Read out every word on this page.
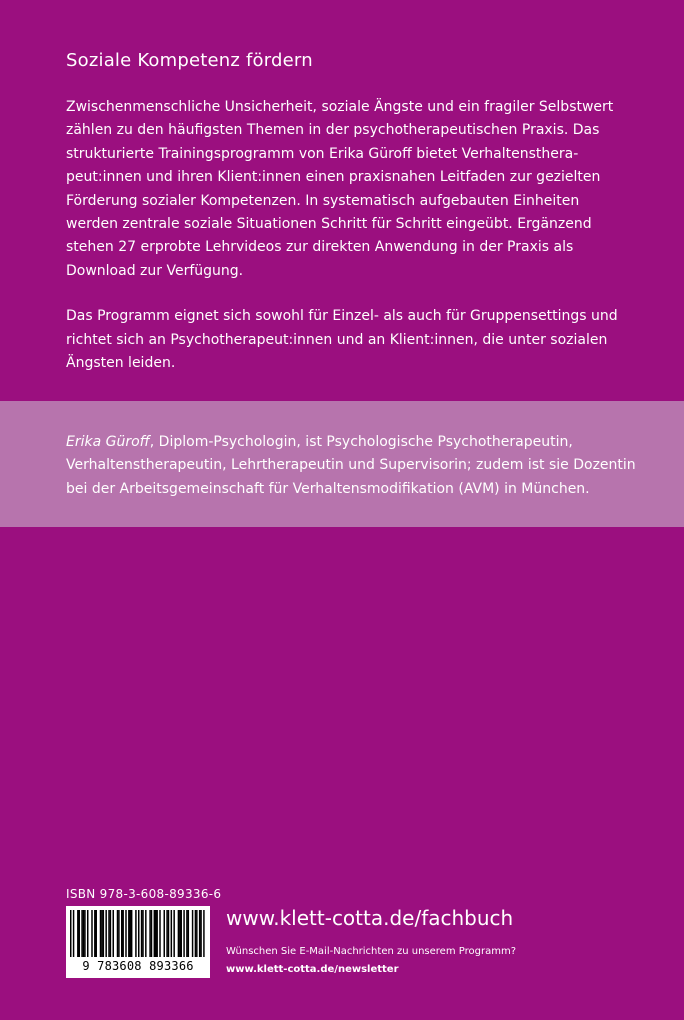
Soziale Kompetenz fördern

Zwischenmenschliche Unsicherheit, soziale Ängste und ein fragiler Selbstwert zählen zu den häufigsten Themen in der psychotherapeutischen Praxis. Das strukturierte Trainingsprogramm von Erika Güroff bietet Verhaltenstherapeut:innen und ihren Klient:innen einen praxisnahen Leitfaden zur gezielten Förderung sozialer Kompetenzen. In systematisch aufgebauten Einheiten werden zentrale soziale Situationen Schritt für Schritt eingeübt. Ergänzend stehen 27 erprobte Lehrvideos zur direkten Anwendung in der Praxis als Download zur Verfügung.

Das Programm eignet sich sowohl für Einzel- als auch für Gruppensettings und richtet sich an Psychotherapeut:innen und an Klient:innen, die unter sozialen Ängsten leiden.

Erika Güroff, Diplom-Psychologin, ist Psychologische Psychotherapeutin, Verhaltenstherapeutin, Lehrtherapeutin und Supervisorin; zudem ist sie Dozentin bei der Arbeitsgemeinschaft für Verhaltensmodifikation (AVM) in München.
ISBN 978-3-608-89336-6
9 783608 893366
www.klett-cotta.de/fachbuch
Wünschen Sie E-Mail-Nachrichten zu unserem Programm?
www.klett-cotta.de/newsletter
